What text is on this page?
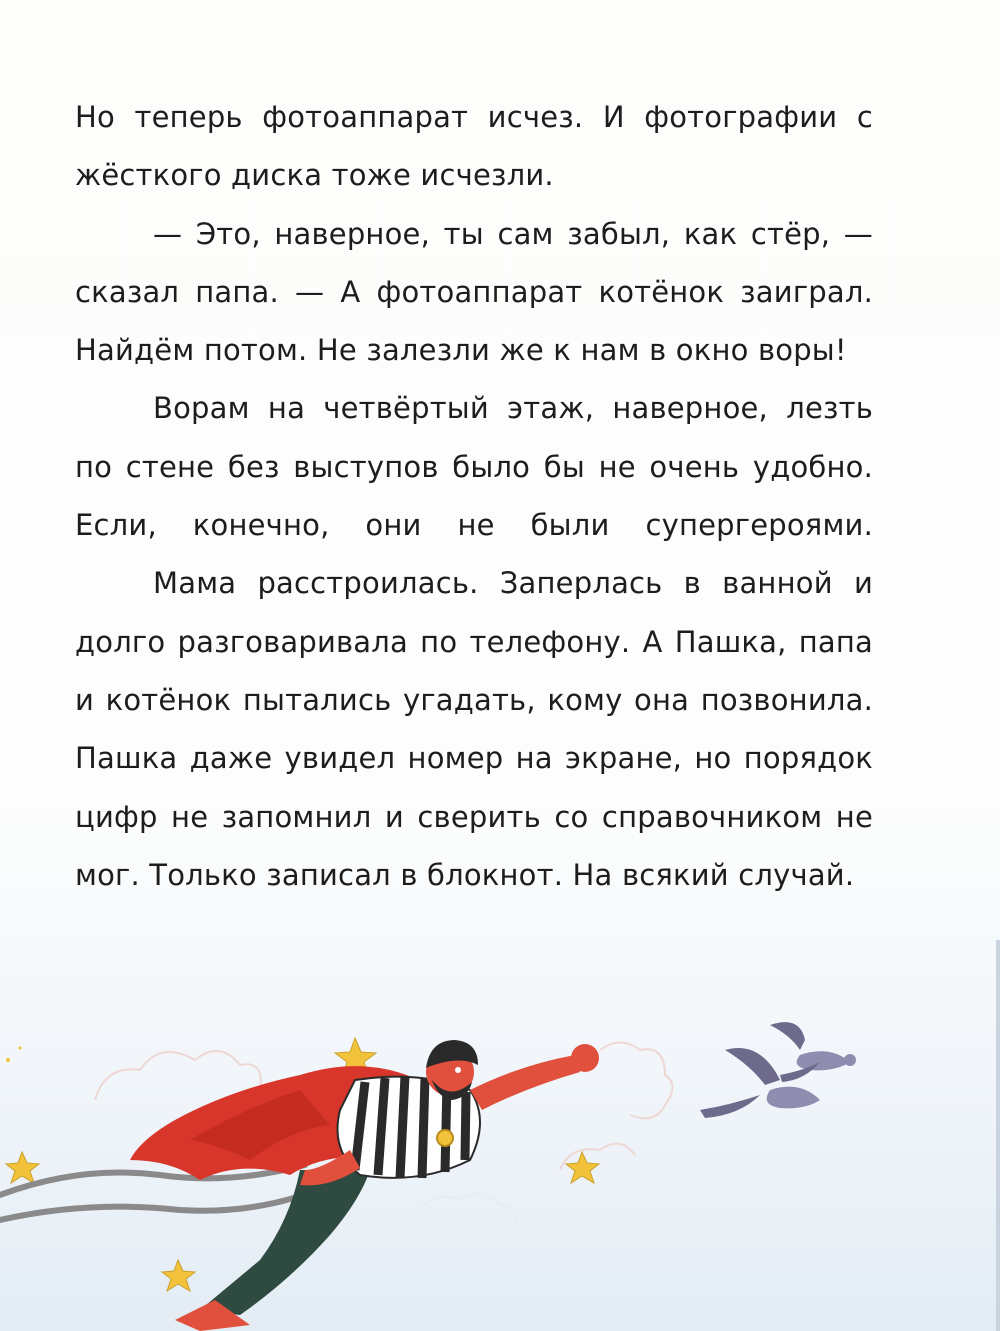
Но теперь фотоаппарат исчез. И фотографии с жёсткого диска тоже исчезли.

— Это, наверное, ты сам забыл, как стёр, — сказал папа. — А фотоаппарат котёнок заиграл. Найдём потом. Не залезли же к нам в окно воры!

Ворам на четвёртый этаж, наверное, лезть по стене без выступов было бы не очень удобно. Если, конечно, они не были супергероями.

Мама расстроилась. Заперлась в ванной и долго разговаривала по телефону. А Пашка, папа и котёнок пытались угадать, кому она позвонила. Пашка даже увидел номер на экране, но порядок цифр не запомнил и сверить со справочником не мог. Только записал в блокнот. На всякий случай.
